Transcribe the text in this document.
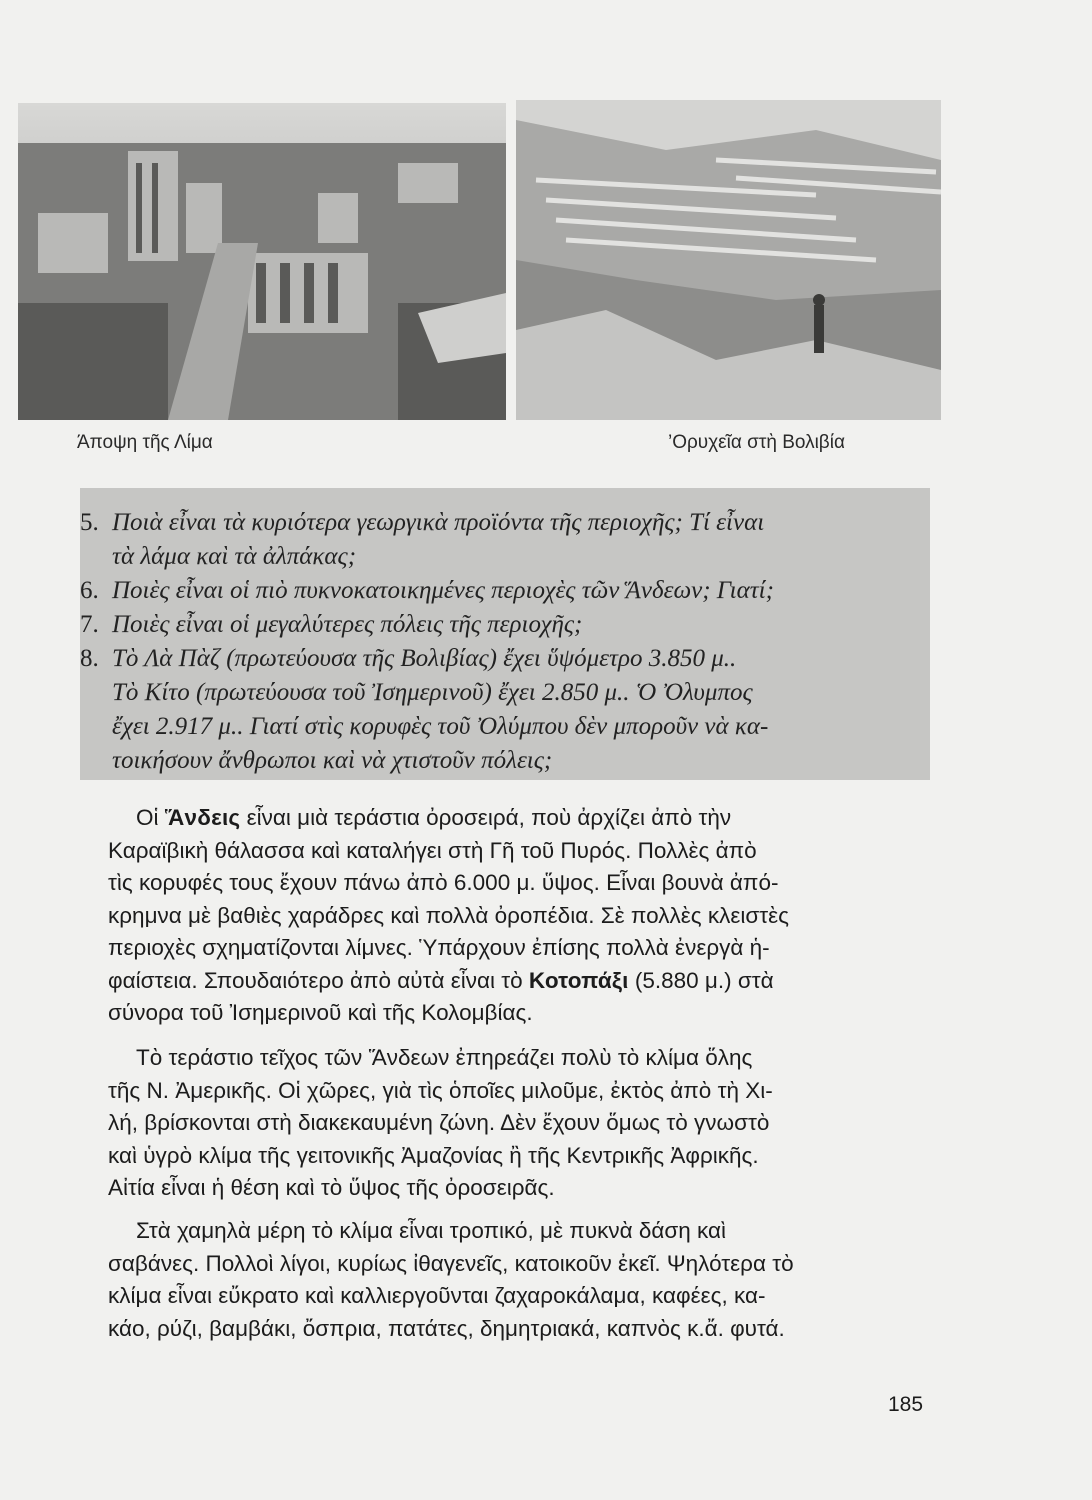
Άποψη τῆς Λίμα	’Ορυχεῖα στὴ Βολιβία
5. Ποιὰ εἶναι τὰ κυριότερα γεωργικὰ προϊόντα τῆς περιοχῆς; Τί εἶναι
τὰ λάμα καὶ τὰ ἀλπάκας;
6. Ποιὲς εἶναι οἱ πιὸ πυκνοκατοικημένες περιοχὲς τῶν Ἅνδεων; Γιατί;
7. Ποιὲς εἶναι οἱ μεγαλύτερες πόλεις τῆς περιοχῆς;
8. Τὸ Λὰ Πὰζ (πρωτεύουσα τῆς Βολιβίας) ἔχει ὕψόμετρο 3.850 μ..
Τὸ Κίτο (πρωτεύουσα τοῦ Ἰσημερινοῦ) ἔχει 2.850 μ.. Ὁ Ὀλυμπος
ἔχει 2.917 μ.. Γιατί στὶς κορυφὲς τοῦ Ὀλύμπου δὲν μποροῦν νὰ κα-
τοικήσουν ἄνθρωποι καὶ νὰ χτιστοῦν πόλεις;
Οἱ Ἅνδεις εἶναι μιὰ τεράστια ὀροσειρά, ποὺ ἀρχίζει ἀπὸ τὴν
Καραϊβικὴ θάλασσα καὶ καταλήγει στὴ Γῆ τοῦ Πυρός. Πολλὲς ἀπὸ
τὶς κορυφές τους ἔχουν πάνω ἀπὸ 6.000 μ. ὕψος. Εἶναι βουνὰ ἀπό-
κρημνα μὲ βαθιὲς χαράδρες καὶ πολλὰ ὀροπέδια. Σὲ πολλὲς κλειστὲς
περιοχὲς σχηματίζονται λίμνες. Ὑπάρχουν ἐπίσης πολλὰ ἐνεργὰ ἡ-
φαίστεια. Σπουδαιότερο ἀπὸ αὐτὰ εἶναι τὸ Κοτοπάξι (5.880 μ.) στὰ
σύνορα τοῦ Ἰσημερινοῦ καὶ τῆς Κολομβίας.
Τὸ τεράστιο τεῖχος τῶν Ἅνδεων ἐπηρεάζει πολὺ τὸ κλίμα ὅλης
τῆς Ν. Ἀμερικῆς. Οἱ χῶρες, γιὰ τὶς ὁποῖες μιλοῦμε, ἐκτὸς ἀπὸ τὴ Χι-
λή, βρίσκονται στὴ διακεκαυμένη ζώνη. Δὲν ἔχουν ὅμως τὸ γνωστὸ
καὶ ὑγρὸ κλίμα τῆς γειτονικῆς Ἀμαζονίας ἢ τῆς Κεντρικῆς Ἀφρικῆς.
Αἰτία εἶναι ἡ θέση καὶ τὸ ὕψος τῆς ὀροσειρᾶς.
Στὰ χαμηλὰ μέρη τὸ κλίμα εἶναι τροπικό, μὲ πυκνὰ δάση καὶ
σαβάνες. Πολλοὶ λίγοι, κυρίως ἰθαγενεῖς, κατοικοῦν ἐκεῖ. Ψηλότερα τὸ
κλίμα εἶναι εὔκρατο καὶ καλλιεργοῦνται ζαχαροκάλαμα, καφέες, κα-
κάο, ρύζι, βαμβάκι, ὄσπρια, πατάτες, δημητριακά, καπνὸς κ.ἄ. φυτά.
185
